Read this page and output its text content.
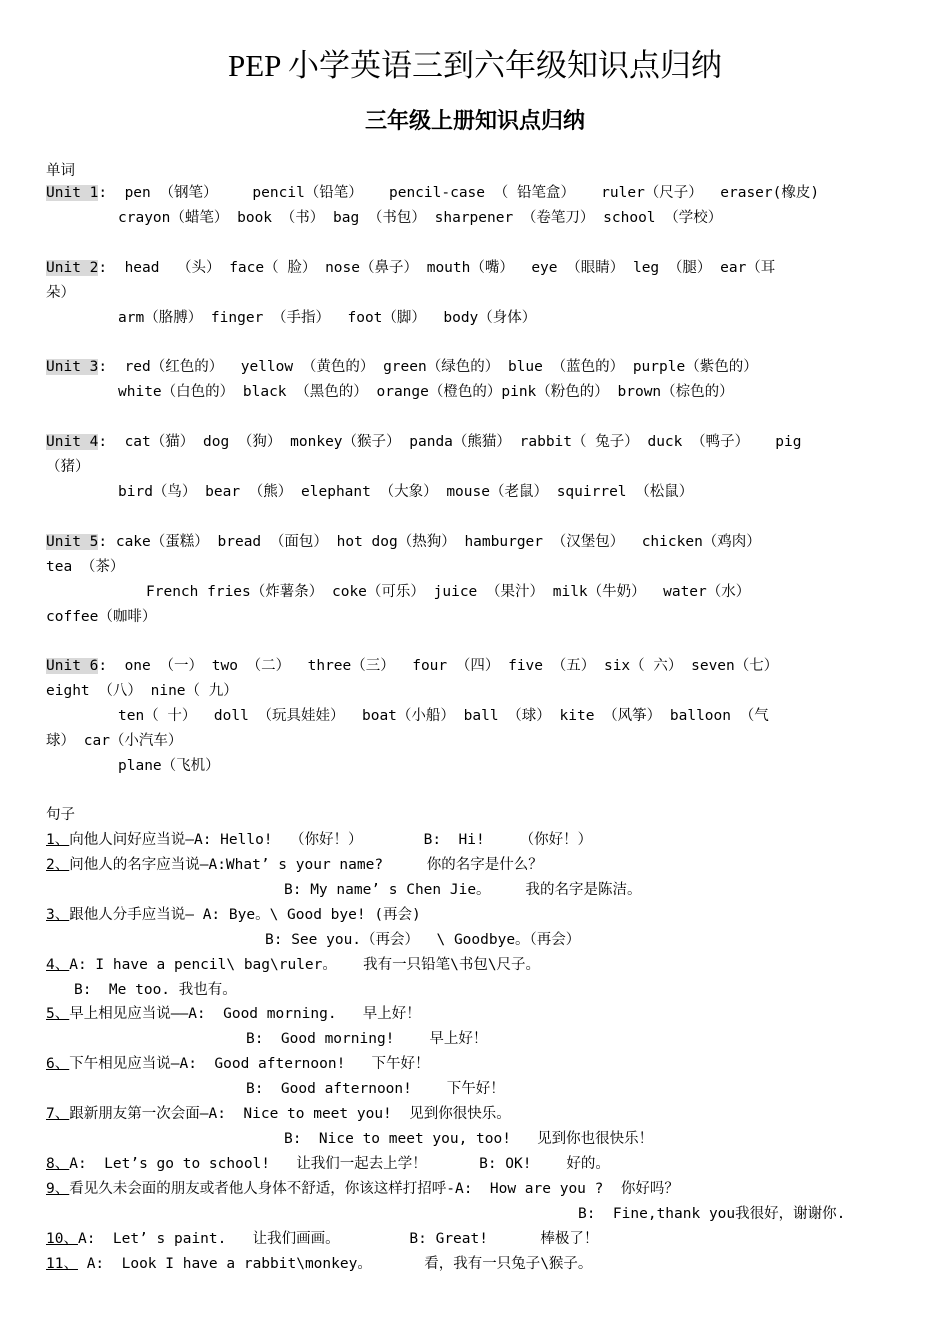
PEP 小学英语三到六年级知识点归纳
三年级上册知识点归纳
单词
Unit 1:  pen （钢笔）    pencil（铅笔）   pencil-case （ 铅笔盒）   ruler（尺子）  eraser(橡皮)
crayon（蜡笔） book （书） bag （书包） sharpener （卷笔刀） school （学校）
Unit 2:  head  （头） face（ 脸） nose（鼻子） mouth（嘴）  eye （眼睛） leg （腿） ear（耳
朵）
arm（胳膊） finger （手指）  foot（脚）  body（身体）
Unit 3:  red（红色的）  yellow （黄色的） green（绿色的） blue （蓝色的） purple（紫色的）
white（白色的） black （黑色的） orange（橙色的）pink（粉色的） brown（棕色的）
Unit 4:  cat（猫） dog （狗） monkey（猴子） panda（熊猫） rabbit（ 兔子） duck （鸭子）   pig
（猪）
bird（鸟） bear （熊） elephant （大象） mouse（老鼠） squirrel （松鼠）
Unit 5: cake（蛋糕） bread （面包） hot dog（热狗） hamburger （汉堡包）  chicken（鸡肉）
tea （茶）
French fries（炸薯条） coke（可乐） juice （果汁） milk（牛奶）  water（水）
coffee（咖啡）
Unit 6:  one （一） two （二）  three（三）  four （四） five （五） six（ 六） seven（七）
eight （八） nine（ 九）
ten（ 十）  doll （玩具娃娃）  boat（小船） ball （球） kite （风筝） balloon （气
球） car（小汽车）
plane（飞机）
句子
1、向他人问好应当说—A: Hello!  （你好！）       B:  Hi!    （你好！）
2、问他人的名字应当说—A:What’ s your name?     你的名字是什么？
B: My name’ s Chen Jie。    我的名字是陈洁。
3、跟他人分手应当说— A: Bye。\ Good bye! (再会)
B: See you.（再会）  \ Goodbye。（再会）
4、A: I have a pencil\ bag\ruler。   我有一只铅笔\书包\尺子。
B:  Me too. 我也有。
5、早上相见应当说——A:  Good morning.   早上好！
B:  Good morning!    早上好！
6、下午相见应当说—A:  Good afternoon!   下午好！
B:  Good afternoon!    下午好！
7、跟新朋友第一次会面—A:  Nice to meet you!  见到你很快乐。
B:  Nice to meet you, too!   见到你也很快乐！
8、A:  Let’s go to school!   让我们一起去上学！      B: OK!    好的。
9、看见久未会面的朋友或者他人身体不舒适，你该这样打招呼-A:  How are you ?  你好吗？
B:  Fine,thank you我很好，谢谢你.
10、A:  Let’ s paint.   让我们画画。        B: Great!      棒极了！
11、 A:  Look I have a rabbit\monkey。      看，我有一只兔子\猴子。
